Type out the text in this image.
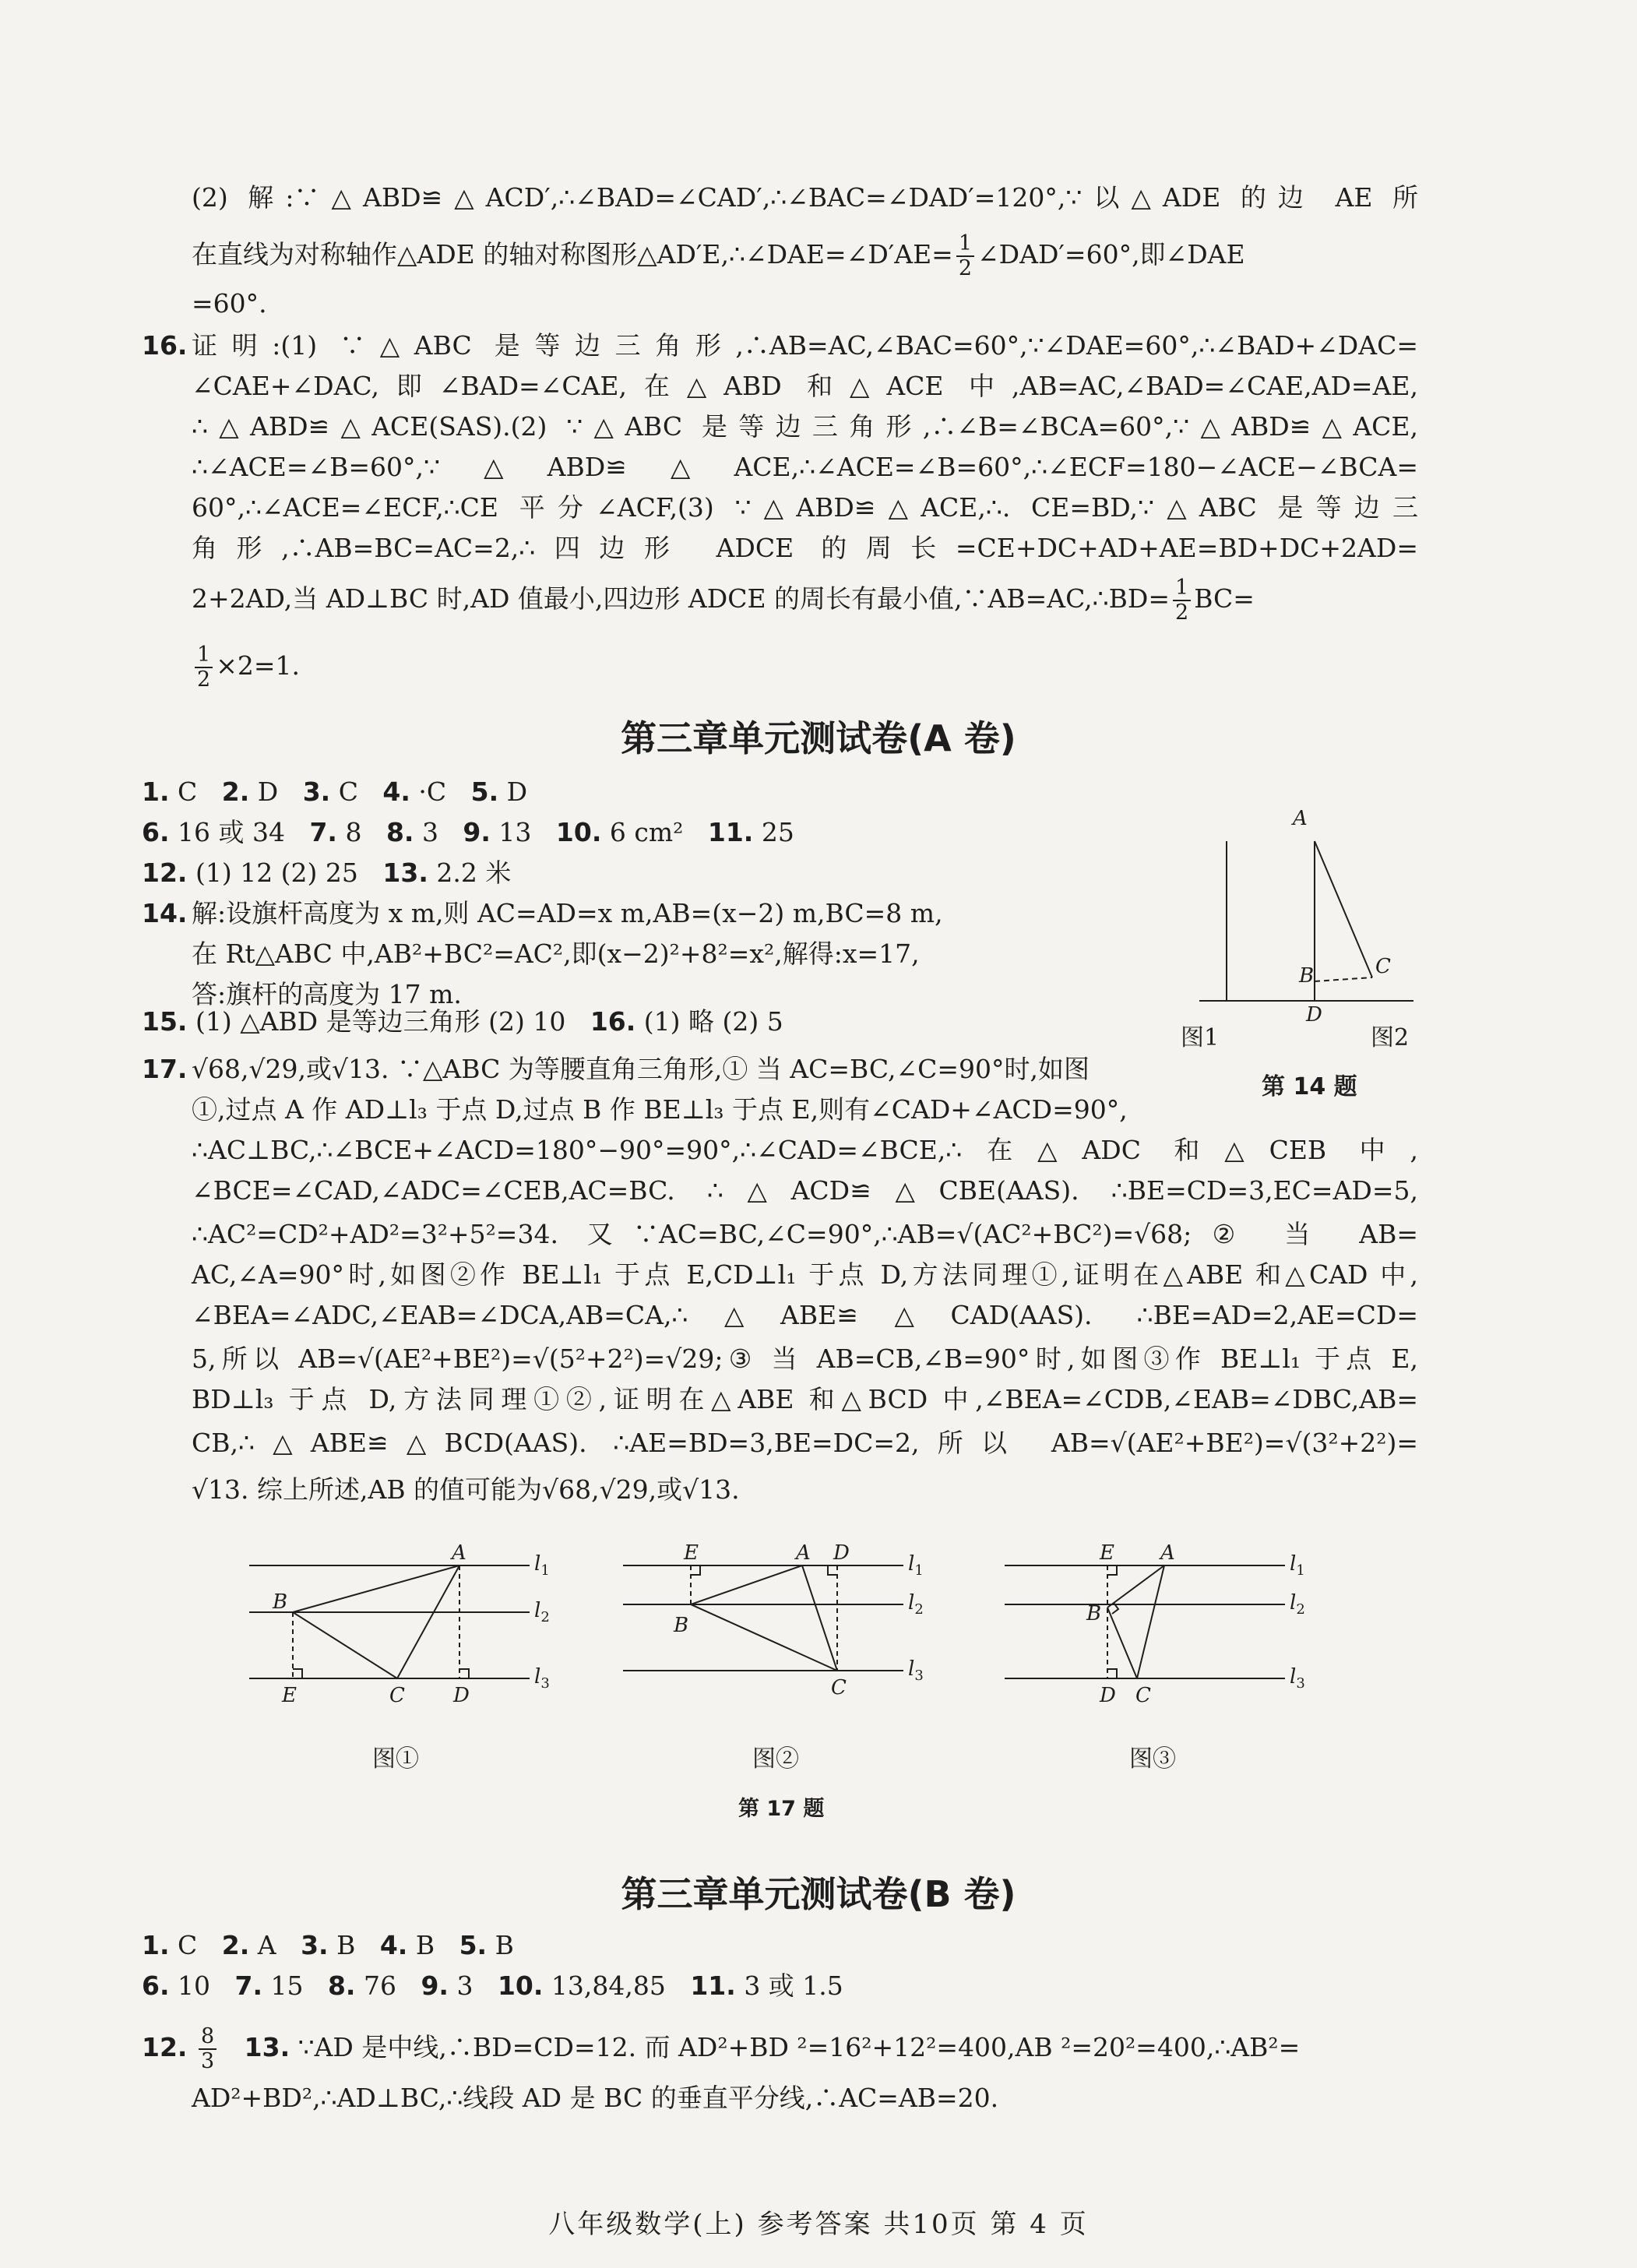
(2) 解:∵△ABD≌△ACD′,∴∠BAD=∠CAD′,∴∠BAC=∠DAD′=120°,∵以△ADE 的边 AE 所
在直线为对称轴作△ADE 的轴对称图形△AD′E,∴∠DAE=∠D′AE= $\frac{1}{2}$ ∠DAD′=60°,即∠DAE
=60°.
16. 证明:(1) ∵△ABC 是等边三角形,∴AB=AC,∠BAC=60°,∵∠DAE=60°,∴∠BAD+∠DAC=
∠CAE+∠DAC,即∠BAD=∠CAE,在△ABD 和△ACE 中,AB=AC,∠BAD=∠CAE,AD=AE,
∴△ABD≌△ACE(SAS).(2) ∵△ABC 是等边三角形,∴∠B=∠BCA=60°,∵△ABD≌△ACE,
∴∠ACE=∠B=60°,∵△ABD≌△ACE,∴∠ACE=∠B=60°,∴∠ECF=180−∠ACE−∠BCA=
60°,∴∠ACE=∠ECF,∴CE 平分∠ACF,(3) ∵△ABD≌△ACE,∴. CE=BD,∵△ABC 是等边三
角形,∴AB=BC=AC=2,∴四边形 ADCE 的周长=CE+DC+AD+AE=BD+DC+2AD=
2+2AD,当 AD⊥BC 时,AD 值最小,四边形 ADCE 的周长有最小值,∵AB=AC,∴BD= $\frac{1}{2} BC=$
$\frac{1}{2} \times 2=1$.
第三章单元测试卷(A 卷)
1. C 2. D 3. C 4. ·C 5. D
6. 16 或 34 7. 8 8. 3 9. 13 10. 6 cm² 11. 25
12. (1) 12 (2) 25 13. 2.2 米
14. 解:设旗杆高度为 x m,则 AC=AD=x m,AB=(x−2) m,BC=8 m,
在 Rt△ABC 中,AB²+BC²=AC²,即(x−2)²+8²=x²,解得:x=17,
答:旗杆的高度为 17 m.
15. (1) △ABD 是等边三角形 (2) 10 16. (1) 略 (2) 5
A
B	C
D
图1	图2
第 14 题
17. √68,√29,或√13. ∵△ABC 为等腰直角三角形,① 当 AC=BC,∠C=90°时,如图
①,过点 A 作 AD⊥l₃ 于点 D,过点 B 作 BE⊥l₃ 于点 E,则有∠CAD+∠ACD=90°,
∴AC⊥BC,∴∠BCE+∠ACD=180°−90°=90°,∴∠CAD=∠BCE,∴在△ADC 和△CEB 中,
∠BCE=∠CAD,∠ADC=∠CEB,AC=BC. ∴△ACD≌△CBE(AAS). ∴BE=CD=3,EC=AD=5,
∴AC²=CD²+AD²=3²+5²=34. 又∵AC=BC,∠C=90°,∴AB=√(AC²+BC²)=√68;② 当 AB=
AC,∠A=90°时,如图②作 BE⊥l₁ 于点 E,CD⊥l₁ 于点 D,方法同理①,证明在△ABE 和△CAD 中,
∠BEA=∠ADC,∠EAB=∠DCA,AB=CA,∴△ABE≌△CAD(AAS). ∴BE=AD=2,AE=CD=
5,所以 AB=√(AE²+BE²)=√(5²+2²)=√29;③ 当 AB=CB,∠B=90°时,如图③作 BE⊥l₁ 于点 E,
BD⊥l₃ 于点 D,方法同理①②,证明在△ABE 和△BCD 中,∠BEA=∠CDB,∠EAB=∠DBC,AB=
CB,∴△ABE≌△BCD(AAS). ∴AE=BD=3,BE=DC=2,所以 AB=√(AE²+BE²)=√(3²+2²)=
√13. 综上所述,AB 的值可能为√68,√29,或√13.
A
B
C D
E
$l_1$
$l_2$
$l_3$
A
B
C
D
E	$l_1$
$l_2$
$l_3$
A
B
C
D
E	$l_1$
$l_2$
$l_3$
图①	图②	图③
第 17 题
第三章单元测试卷(B 卷)
1. C 2. A 3. B 4. B 5. B
6. 10 7. 15 8. 76 9. 3 10. 13,84,85 11. 3 或 1.5
12. $\frac{8}{3} 13$. ∵AD 是中线,∴BD=CD=12. 而 AD²+BD ²=16²+12²=400,AB ²=20²=400,∴AB²=
AD²+BD²,∴AD⊥BC,∴线段 AD 是 BC 的垂直平分线,∴AC=AB=20.
八年级数学(上) 参考答案 共10页 第 4 页
